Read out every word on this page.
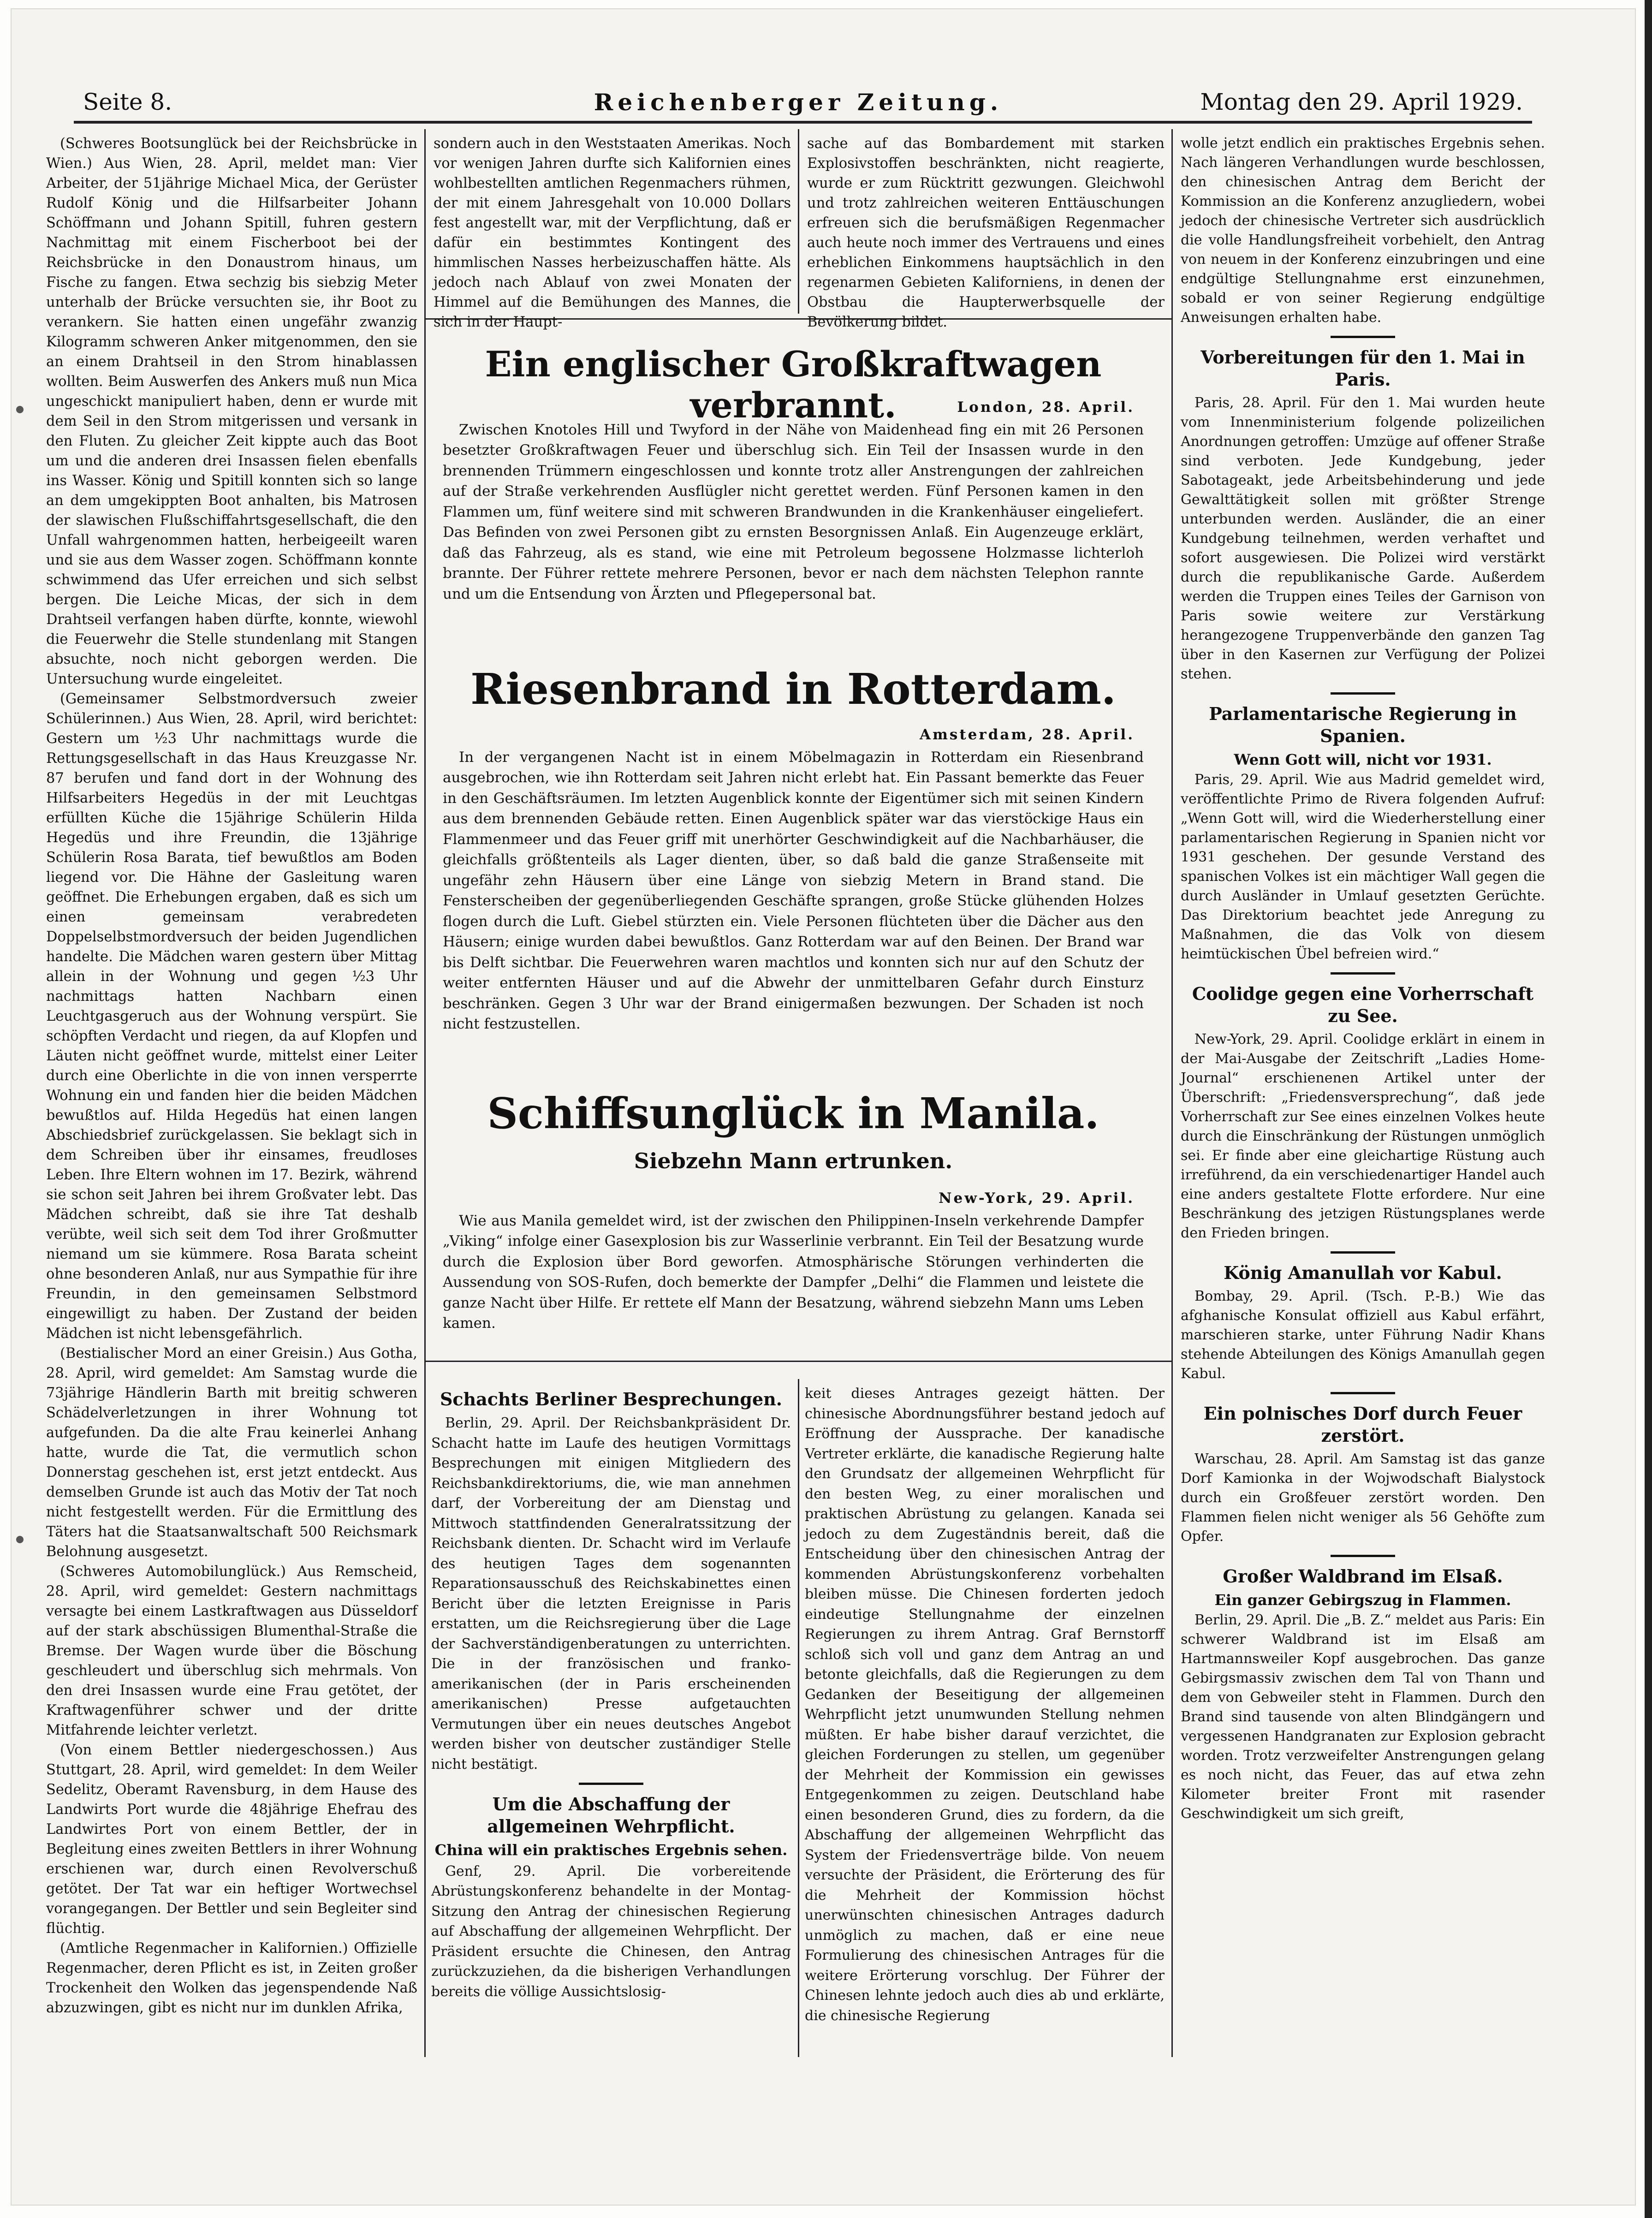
Seite 8.	Reichenberger Zeitung.	Montag den 29. April 1929.

(Schweres Bootsunglück bei der Reichsbrücke in Wien.) Aus Wien, 28. April, meldet man: Vier Arbeiter, der 51jährige Michael Mica, der Gerüster Rudolf König und die Hilfsarbeiter Johann Schöffmann und Johann Spitill, fuhren gestern Nachmittag mit einem Fischerboot bei der Reichsbrücke in den Donaustrom hinaus, um Fische zu fangen. Etwa sechzig bis siebzig Meter unterhalb der Brücke versuchten sie, ihr Boot zu verankern. Sie hatten einen ungefähr zwanzig Kilogramm schweren Anker mitgenommen, den sie an einem Drahtseil in den Strom hinablassen wollten. Beim Auswerfen des Ankers muß nun Mica ungeschickt manipuliert haben, denn er wurde mit dem Seil in den Strom mitgerissen und versank in den Fluten. Zu gleicher Zeit kippte auch das Boot um und die anderen drei Insassen fielen ebenfalls ins Wasser. König und Spitill konnten sich so lange an dem umgekippten Boot anhalten, bis Matrosen der slawischen Flußschiffahrtsgesellschaft, die den Unfall wahrgenommen hatten, herbeigeeilt waren und sie aus dem Wasser zogen. Schöffmann konnte schwimmend das Ufer erreichen und sich selbst bergen. Die Leiche Micas, der sich in dem Drahtseil verfangen haben dürfte, konnte, wiewohl die Feuerwehr die Stelle stundenlang mit Stangen absuchte, noch nicht geborgen werden. Die Untersuchung wurde eingeleitet.

(Gemeinsamer Selbstmordversuch zweier Schülerinnen.) Aus Wien, 28. April, wird berichtet: Gestern um ½3 Uhr nachmittags wurde die Rettungsgesellschaft in das Haus Kreuzgasse Nr. 87 berufen und fand dort in der Wohnung des Hilfsarbeiters Hegedüs in der mit Leuchtgas erfüllten Küche die 15jährige Schülerin Hilda Hegedüs und ihre Freundin, die 13jährige Schülerin Rosa Barata, tief bewußtlos am Boden liegend vor. Die Hähne der Gasleitung waren geöffnet. Die Erhebungen ergaben, daß es sich um einen gemeinsam verabredeten Doppelselbstmordversuch der beiden Jugendlichen handelte. Die Mädchen waren gestern über Mittag allein in der Wohnung und gegen ½3 Uhr nachmittags hatten Nachbarn einen Leuchtgasgeruch aus der Wohnung verspürt. Sie schöpften Verdacht und riegen, da auf Klopfen und Läuten nicht geöffnet wurde, mittelst einer Leiter durch eine Oberlichte in die von innen versperrte Wohnung ein und fanden hier die beiden Mädchen bewußtlos auf. Hilda Hegedüs hat einen langen Abschiedsbrief zurückgelassen. Sie beklagt sich in dem Schreiben über ihr einsames, freudloses Leben. Ihre Eltern wohnen im 17. Bezirk, während sie schon seit Jahren bei ihrem Großvater lebt. Das Mädchen schreibt, daß sie ihre Tat deshalb verübte, weil sich seit dem Tod ihrer Großmutter niemand um sie kümmere. Rosa Barata scheint ohne besonderen Anlaß, nur aus Sympathie für ihre Freundin, in den gemeinsamen Selbstmord eingewilligt zu haben. Der Zustand der beiden Mädchen ist nicht lebensgefährlich.

(Bestialischer Mord an einer Greisin.) Aus Gotha, 28. April, wird gemeldet: Am Samstag wurde die 73jährige Händlerin Barth mit breitig schweren Schädelverletzungen in ihrer Wohnung tot aufgefunden. Da die alte Frau keinerlei Anhang hatte, wurde die Tat, die vermutlich schon Donnerstag geschehen ist, erst jetzt entdeckt. Aus demselben Grunde ist auch das Motiv der Tat noch nicht festgestellt werden. Für die Ermittlung des Täters hat die Staatsanwaltschaft 500 Reichsmark Belohnung ausgesetzt.

(Schweres Automobilunglück.) Aus Remscheid, 28. April, wird gemeldet: Gestern nachmittags versagte bei einem Lastkraftwagen aus Düsseldorf auf der stark abschüssigen Blumenthal-Straße die Bremse. Der Wagen wurde über die Böschung geschleudert und überschlug sich mehrmals. Von den drei Insassen wurde eine Frau getötet, der Kraftwagenführer schwer und der dritte Mitfahrende leichter verletzt.

(Von einem Bettler niedergeschossen.) Aus Stuttgart, 28. April, wird gemeldet: In dem Weiler Sedelitz, Oberamt Ravensburg, in dem Hause des Landwirts Port wurde die 48jährige Ehefrau des Landwirtes Port von einem Bettler, der in Begleitung eines zweiten Bettlers in ihrer Wohnung erschienen war, durch einen Revolverschuß getötet. Der Tat war ein heftiger Wortwechsel vorangegangen. Der Bettler und sein Begleiter sind flüchtig.

(Amtliche Regenmacher in Kalifornien.) Offizielle Regenmacher, deren Pflicht es ist, in Zeiten großer Trockenheit den Wolken das jegenspendende Naß abzuzwingen, gibt es nicht nur im dunklen Afrika,

sondern auch in den Weststaaten Amerikas. Noch vor wenigen Jahren durfte sich Kalifornien eines wohlbestellten amtlichen Regenmachers rühmen, der mit einem Jahresgehalt von 10.000 Dollars fest angestellt war, mit der Verpflichtung, daß er dafür ein bestimmtes Kontingent des himmlischen Nasses herbeizuschaffen hätte. Als jedoch nach Ablauf von zwei Monaten der Himmel auf die Bemühungen des Mannes, die sich in der Haupt-

sache auf das Bombardement mit starken Explosivstoffen beschränkten, nicht reagierte, wurde er zum Rücktritt gezwungen. Gleichwohl und trotz zahlreichen weiteren Enttäuschungen erfreuen sich die berufsmäßigen Regenmacher auch heute noch immer des Vertrauens und eines erheblichen Einkommens hauptsächlich in den regenarmen Gebieten Kaliforniens, in denen der Obstbau die Haupterwerbsquelle der Bevölkerung bildet.

Ein englischer Großkraftwagen verbrannt.	London, 28. April.

Zwischen Knotoles Hill und Twyford in der Nähe von Maidenhead fing ein mit 26 Personen besetzter Großkraftwagen Feuer und überschlug sich. Ein Teil der Insassen wurde in den brennenden Trümmern eingeschlossen und konnte trotz aller Anstrengungen der zahlreichen auf der Straße verkehrenden Ausflügler nicht gerettet werden. Fünf Personen kamen in den Flammen um, fünf weitere sind mit schweren Brandwunden in die Krankenhäuser eingeliefert. Das Befinden von zwei Personen gibt zu ernsten Besorgnissen Anlaß. Ein Augenzeuge erklärt, daß das Fahrzeug, als es stand, wie eine mit Petroleum begossene Holzmasse lichterloh brannte. Der Führer rettete mehrere Personen, bevor er nach dem nächsten Telephon rannte und um die Entsendung von Ärzten und Pflegepersonal bat.

Riesenbrand in Rotterdam.
Amsterdam, 28. April.

In der vergangenen Nacht ist in einem Möbelmagazin in Rotterdam ein Riesenbrand ausgebrochen, wie ihn Rotterdam seit Jahren nicht erlebt hat. Ein Passant bemerkte das Feuer in den Geschäftsräumen. Im letzten Augenblick konnte der Eigentümer sich mit seinen Kindern aus dem brennenden Gebäude retten. Einen Augenblick später war das vierstöckige Haus ein Flammenmeer und das Feuer griff mit unerhörter Geschwindigkeit auf die Nachbarhäuser, die gleichfalls größtenteils als Lager dienten, über, so daß bald die ganze Straßenseite mit ungefähr zehn Häusern über eine Länge von siebzig Metern in Brand stand. Die Fensterscheiben der gegenüberliegenden Geschäfte sprangen, große Stücke glühenden Holzes flogen durch die Luft. Giebel stürzten ein. Viele Personen flüchteten über die Dächer aus den Häusern; einige wurden dabei bewußtlos. Ganz Rotterdam war auf den Beinen. Der Brand war bis Delft sichtbar. Die Feuerwehren waren machtlos und konnten sich nur auf den Schutz der weiter entfernten Häuser und auf die Abwehr der unmittelbaren Gefahr durch Einsturz beschränken. Gegen 3 Uhr war der Brand einigermaßen bezwungen. Der Schaden ist noch nicht festzustellen.

Schiffsunglück in Manila.
Siebzehn Mann ertrunken.
New-York, 29. April.

Wie aus Manila gemeldet wird, ist der zwischen den Philippinen-Inseln verkehrende Dampfer „Viking“ infolge einer Gasexplosion bis zur Wasserlinie verbrannt. Ein Teil der Besatzung wurde durch die Explosion über Bord geworfen. Atmosphärische Störungen verhinderten die Aussendung von SOS-Rufen, doch bemerkte der Dampfer „Delhi“ die Flammen und leistete die ganze Nacht über Hilfe. Er rettete elf Mann der Besatzung, während siebzehn Mann ums Leben kamen.

Schachts Berliner Besprechungen.

Berlin, 29. April. Der Reichsbankpräsident Dr. Schacht hatte im Laufe des heutigen Vormittags Besprechungen mit einigen Mitgliedern des Reichsbankdirektoriums, die, wie man annehmen darf, der Vorbereitung der am Dienstag und Mittwoch stattfindenden Generalratssitzung der Reichsbank dienten. Dr. Schacht wird im Verlaufe des heutigen Tages dem sogenannten Reparationsausschuß des Reichskabinettes einen Bericht über die letzten Ereignisse in Paris erstatten, um die Reichsregierung über die Lage der Sachverständigenberatungen zu unterrichten. Die in der französischen und franko-amerikanischen (der in Paris erscheinenden amerikanischen) Presse aufgetauchten Vermutungen über ein neues deutsches Angebot werden bisher von deutscher zuständiger Stelle nicht bestätigt.

Um die Abschaffung der allgemeinen Wehrpflicht.
China will ein praktisches Ergebnis sehen.

Genf, 29. April. Die vorbereitende Abrüstungskonferenz behandelte in der Montag-Sitzung den Antrag der chinesischen Regierung auf Abschaffung der allgemeinen Wehrpflicht. Der Präsident ersuchte die Chinesen, den Antrag zurückzuziehen, da die bisherigen Verhandlungen bereits die völlige Aussichtslosig-

keit dieses Antrages gezeigt hätten. Der chinesische Abordnungsführer bestand jedoch auf Eröffnung der Aussprache. Der kanadische Vertreter erklärte, die kanadische Regierung halte den Grundsatz der allgemeinen Wehrpflicht für den besten Weg, zu einer moralischen und praktischen Abrüstung zu gelangen. Kanada sei jedoch zu dem Zugeständnis bereit, daß die Entscheidung über den chinesischen Antrag der kommenden Abrüstungskonferenz vorbehalten bleiben müsse. Die Chinesen forderten jedoch eindeutige Stellungnahme der einzelnen Regierungen zu ihrem Antrag. Graf Bernstorff schloß sich voll und ganz dem Antrag an und betonte gleichfalls, daß die Regierungen zu dem Gedanken der Beseitigung der allgemeinen Wehrpflicht jetzt unumwunden Stellung nehmen müßten. Er habe bisher darauf verzichtet, die gleichen Forderungen zu stellen, um gegenüber der Mehrheit der Kommission ein gewisses Entgegenkommen zu zeigen. Deutschland habe einen besonderen Grund, dies zu fordern, da die Abschaffung der allgemeinen Wehrpflicht das System der Friedensverträge bilde. Von neuem versuchte der Präsident, die Erörterung des für die Mehrheit der Kommission höchst unerwünschten chinesischen Antrages dadurch unmöglich zu machen, daß er eine neue Formulierung des chinesischen Antrages für die weitere Erörterung vorschlug. Der Führer der Chinesen lehnte jedoch auch dies ab und erklärte, die chinesische Regierung

wolle jetzt endlich ein praktisches Ergebnis sehen. Nach längeren Verhandlungen wurde beschlossen, den chinesischen Antrag dem Bericht der Kommission an die Konferenz anzugliedern, wobei jedoch der chinesische Vertreter sich ausdrücklich die volle Handlungsfreiheit vorbehielt, den Antrag von neuem in der Konferenz einzubringen und eine endgültige Stellungnahme erst einzunehmen, sobald er von seiner Regierung endgültige Anweisungen erhalten habe.

Vorbereitungen für den 1. Mai in Paris.

Paris, 28. April. Für den 1. Mai wurden heute vom Innenministerium folgende polizeilichen Anordnungen getroffen: Umzüge auf offener Straße sind verboten. Jede Kundgebung, jeder Sabotageakt, jede Arbeitsbehinderung und jede Gewalttätigkeit sollen mit größter Strenge unterbunden werden. Ausländer, die an einer Kundgebung teilnehmen, werden verhaftet und sofort ausgewiesen. Die Polizei wird verstärkt durch die republikanische Garde. Außerdem werden die Truppen eines Teiles der Garnison von Paris sowie weitere zur Verstärkung herangezogene Truppenverbände den ganzen Tag über in den Kasernen zur Verfügung der Polizei stehen.

Parlamentarische Regierung in Spanien.
Wenn Gott will, nicht vor 1931.

Paris, 29. April. Wie aus Madrid gemeldet wird, veröffentlichte Primo de Rivera folgenden Aufruf: „Wenn Gott will, wird die Wiederherstellung einer parlamentarischen Regierung in Spanien nicht vor 1931 geschehen. Der gesunde Verstand des spanischen Volkes ist ein mächtiger Wall gegen die durch Ausländer in Umlauf gesetzten Gerüchte. Das Direktorium beachtet jede Anregung zu Maßnahmen, die das Volk von diesem heimtückischen Übel befreien wird.“

Coolidge gegen eine Vorherrschaft zu See.

New-York, 29. April. Coolidge erklärt in einem in der Mai-Ausgabe der Zeitschrift „Ladies Home-Journal“ erschienenen Artikel unter der Überschrift: „Friedensversprechung“, daß jede Vorherrschaft zur See eines einzelnen Volkes heute durch die Einschränkung der Rüstungen unmöglich sei. Er finde aber eine gleichartige Rüstung auch irreführend, da ein verschiedenartiger Handel auch eine anders gestaltete Flotte erfordere. Nur eine Beschränkung des jetzigen Rüstungsplanes werde den Frieden bringen.

König Amanullah vor Kabul.

Bombay, 29. April. (Tsch. P.-B.) Wie das afghanische Konsulat offiziell aus Kabul erfährt, marschieren starke, unter Führung Nadir Khans stehende Abteilungen des Königs Amanullah gegen Kabul.

Ein polnisches Dorf durch Feuer zerstört.

Warschau, 28. April. Am Samstag ist das ganze Dorf Kamionka in der Wojwodschaft Bialystock durch ein Großfeuer zerstört worden. Den Flammen fielen nicht weniger als 56 Gehöfte zum Opfer.

Großer Waldbrand im Elsaß.
Ein ganzer Gebirgszug in Flammen.

Berlin, 29. April. Die „B. Z.“ meldet aus Paris: Ein schwerer Waldbrand ist im Elsaß am Hartmannsweiler Kopf ausgebrochen. Das ganze Gebirgsmassiv zwischen dem Tal von Thann und dem von Gebweiler steht in Flammen. Durch den Brand sind tausende von alten Blindgängern und vergessenen Handgranaten zur Explosion gebracht worden. Trotz verzweifelter Anstrengungen gelang es noch nicht, das Feuer, das auf etwa zehn Kilometer breiter Front mit rasender Geschwindigkeit um sich greift,
